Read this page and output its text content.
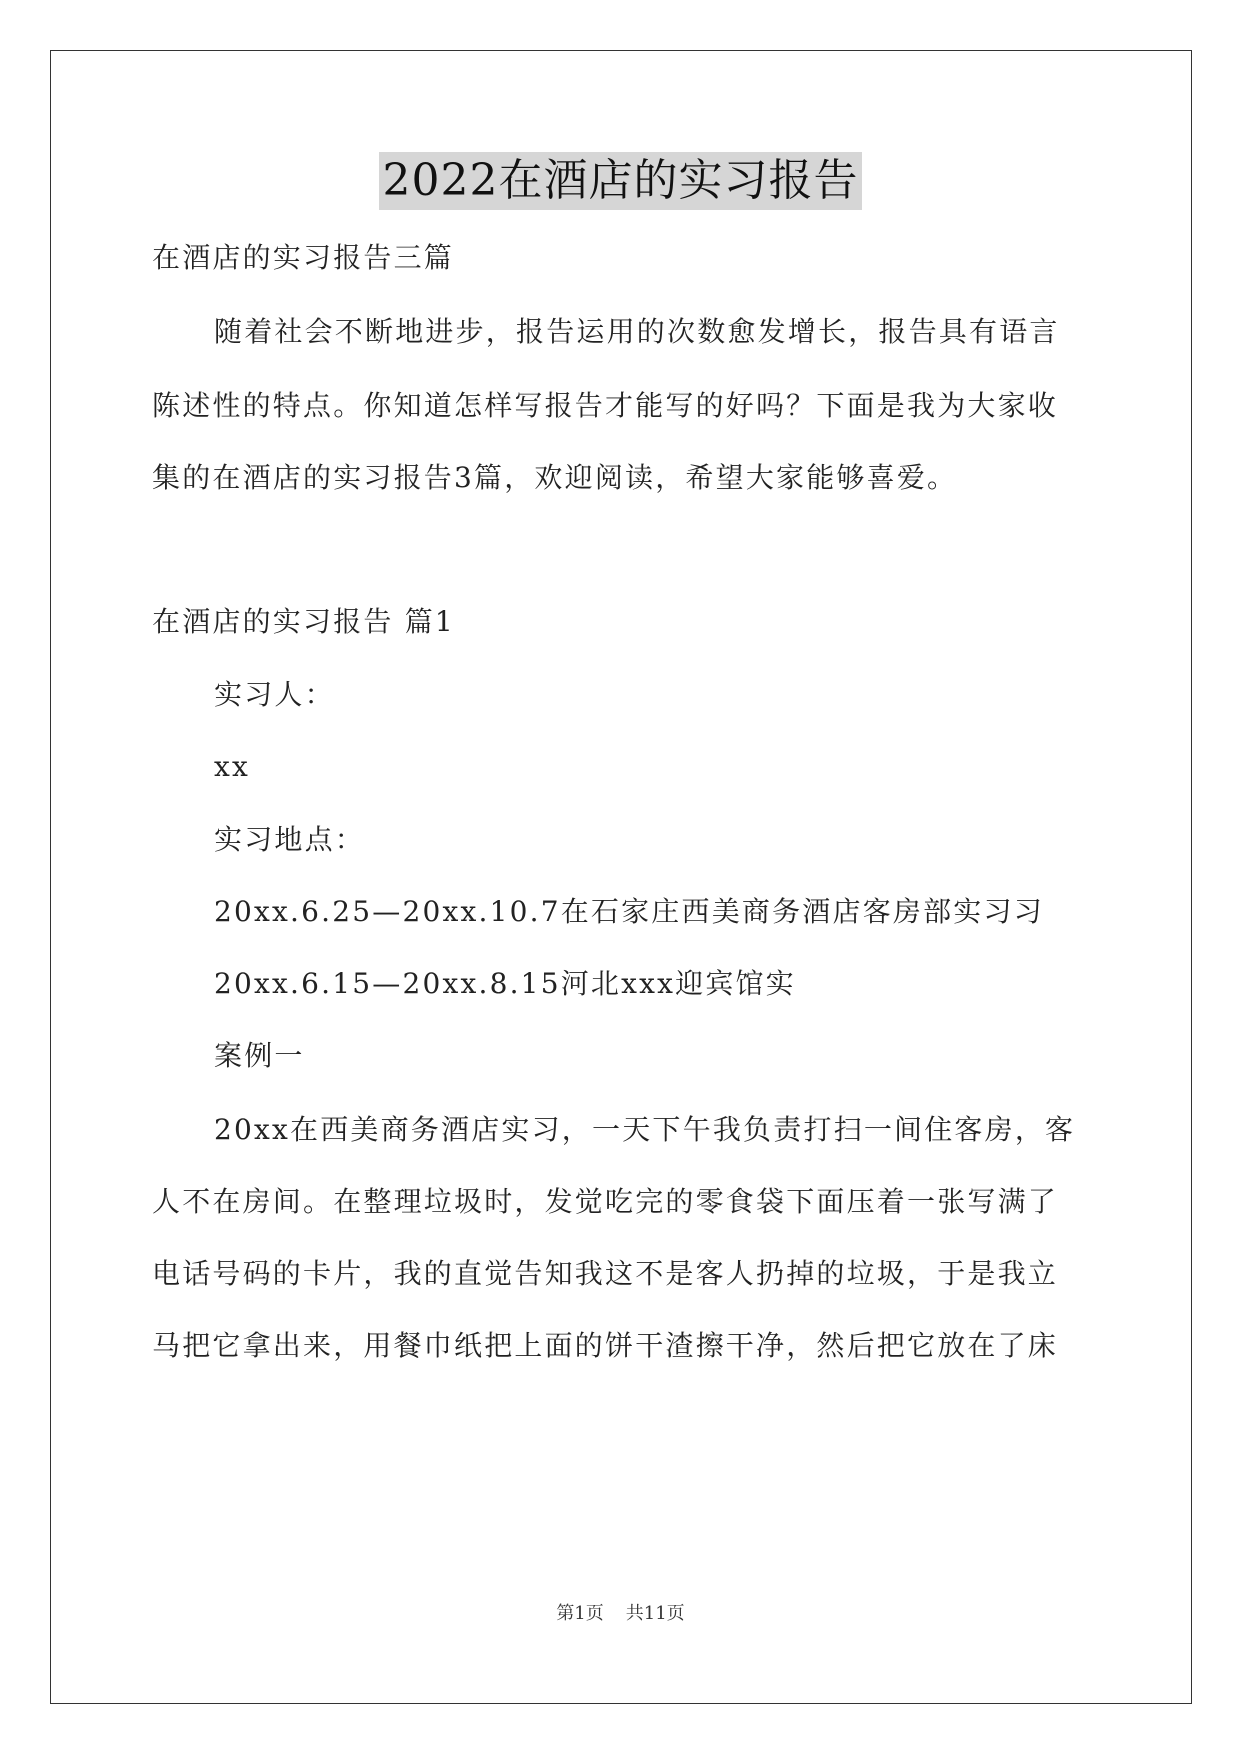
2022在酒店的实习报告
在酒店的实习报告三篇
随着社会不断地进步，报告运用的次数愈发增长，报告具有语言
陈述性的特点。你知道怎样写报告才能写的好吗？下面是我为大家收
集的在酒店的实习报告3篇，欢迎阅读，希望大家能够喜爱。
在酒店的实习报告 篇1
实习人：
xx
实习地点：
20xx.6.25—20xx.10.7在石家庄西美商务酒店客房部实习习
20xx.6.15—20xx.8.15河北xxx迎宾馆实
案例一
20xx在西美商务酒店实习，一天下午我负责打扫一间住客房，客
人不在房间。在整理垃圾时，发觉吃完的零食袋下面压着一张写满了
电话号码的卡片，我的直觉告知我这不是客人扔掉的垃圾，于是我立
马把它拿出来，用餐巾纸把上面的饼干渣擦干净，然后把它放在了床
第1页 共11页
